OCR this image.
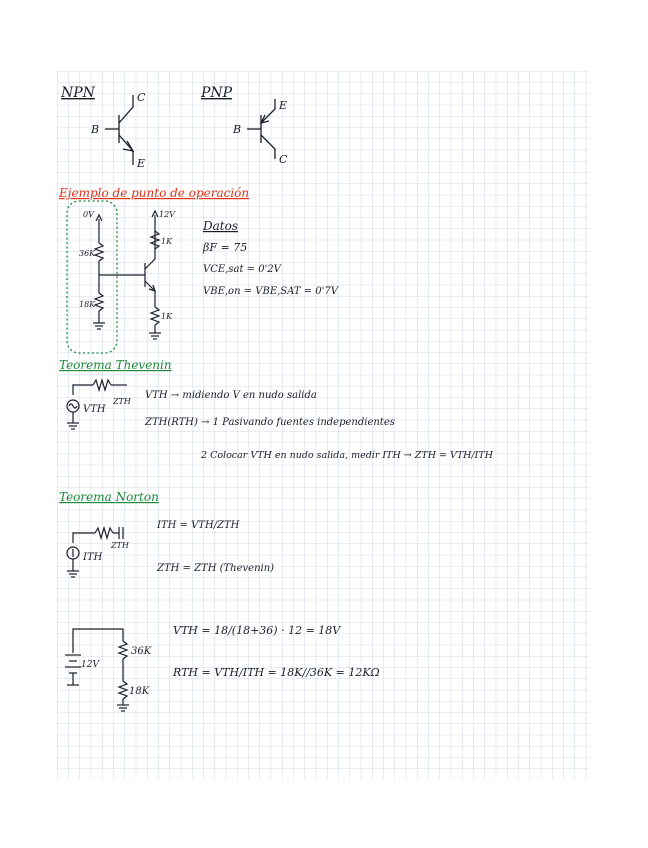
NPN	C
B
E
PNP
E
B
C
Ejemplo de punto de operación
0V	12V
36K
18K
1K
1K
Datos
βF = 75
VCE,sat = 0'2V
VBE,on = VBE,SAT = 0'7V
Teorema Thevenin
ZTH
VTH
VTH → midiendo V en nudo salida
ZTH(RTH) → 1 Pasivando fuentes independientes
2 Colocar VTH en nudo salida, medir ITH → ZTH = VTH/ITH
Teorema Norton
ZTH
ITH
ITH = VTH/ZTH
ZTH = ZTH (Thevenin)
12V
36K
18K
VTH = 18/(18+36) · 12 = 18V
RTH = VTH/ITH = 18K//36K = 12KΩ
